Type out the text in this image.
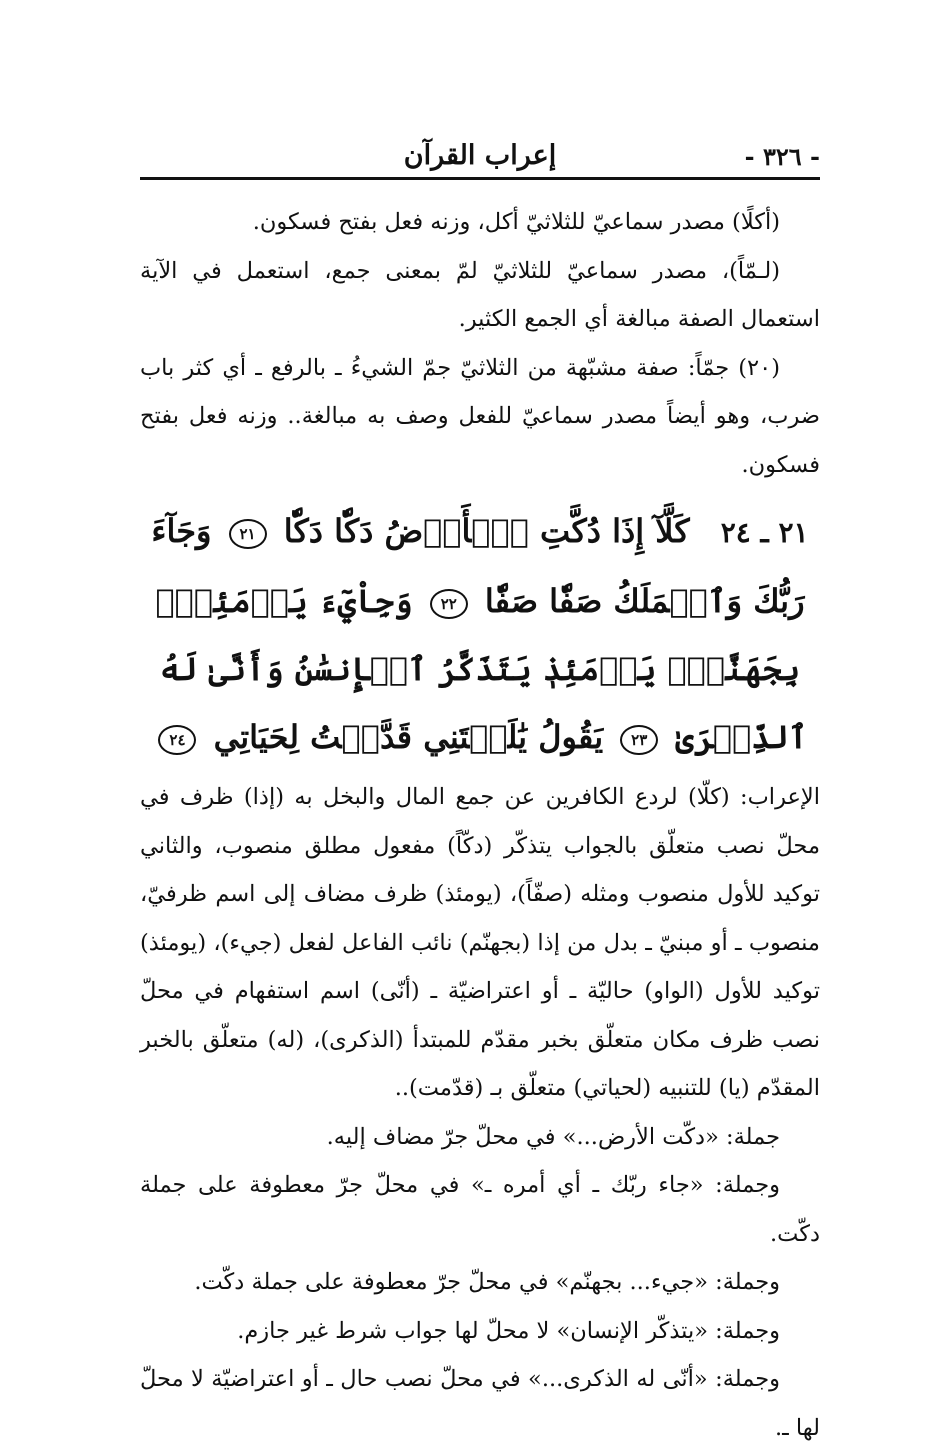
- ٣٢٦ -
إعراب القرآن

(أكلًا) مصدر سماعيّ للثلاثيّ أكل، وزنه فعل بفتح فسكون.

(لـمّاً)، مصدر سماعيّ للثلاثيّ لمّ بمعنى جمع، استعمل في الآية استعمال الصفة مبالغة أي الجمع الكثير.

(٢٠) جمّاً: صفة مشبّهة من الثلاثيّ جمّ الشيءُ ـ بالرفع ـ أي كثر باب ضرب، وهو أيضاً مصدر سماعيّ للفعل وصف به مبالغة.. وزنه فعل بفتح فسكون.

٢١ ـ ٢٤ كَلَّآ إِذَا دُكَّتِ ٱلۡأَرۡضُ دَكّٗا دَكّٗا ٢١ وَجَآءَ رَبُّكَ وَٱلۡمَلَكُ صَفّٗا صَفّٗا ٢٢ وَجِاْيٓءَ يَوۡمَئِذِۭ بِجَهَنَّمَۚ يَوۡمَئِذٖ يَتَذَكَّرُ ٱلۡإِنسَٰنُ وَأَنَّىٰ لَهُ ٱلذِّكۡرَىٰ ٢٣ يَقُولُ يَٰلَيۡتَنِي قَدَّمۡتُ لِحَيَاتِي ٢٤

الإعراب: (كلّا) لردع الكافرين عن جمع المال والبخل به (إذا) ظرف في محلّ نصب متعلّق بالجواب يتذكّر (دكّاً) مفعول مطلق منصوب، والثاني توكيد للأول منصوب ومثله (صفّاً)، (يومئذ) ظرف مضاف إلى اسم ظرفيّ، منصوب ـ أو مبنيّ ـ بدل من إذا (بجهنّم) نائب الفاعل لفعل (جيء)، (يومئذ) توكيد للأول (الواو) حاليّة ـ أو اعتراضيّة ـ (أنّى) اسم استفهام في محلّ نصب ظرف مكان متعلّق بخبر مقدّم للمبتدأ (الذكرى)، (له) متعلّق بالخبر المقدّم (يا) للتنبيه (لحياتي) متعلّق بـ (قدّمت)..

جملة: «دكّت الأرض...» في محلّ جرّ مضاف إليه.
وجملة: «جاء ربّك ـ أي أمره ـ» في محلّ جرّ معطوفة على جملة دكّت.
وجملة: «جيء... بجهنّم» في محلّ جرّ معطوفة على جملة دكّت.
وجملة: «يتذكّر الإنسان» لا محلّ لها جواب شرط غير جازم.
وجملة: «أنّى له الذكرى...» في محلّ نصب حال ـ أو اعتراضيّة لا محلّ لها ـ.
